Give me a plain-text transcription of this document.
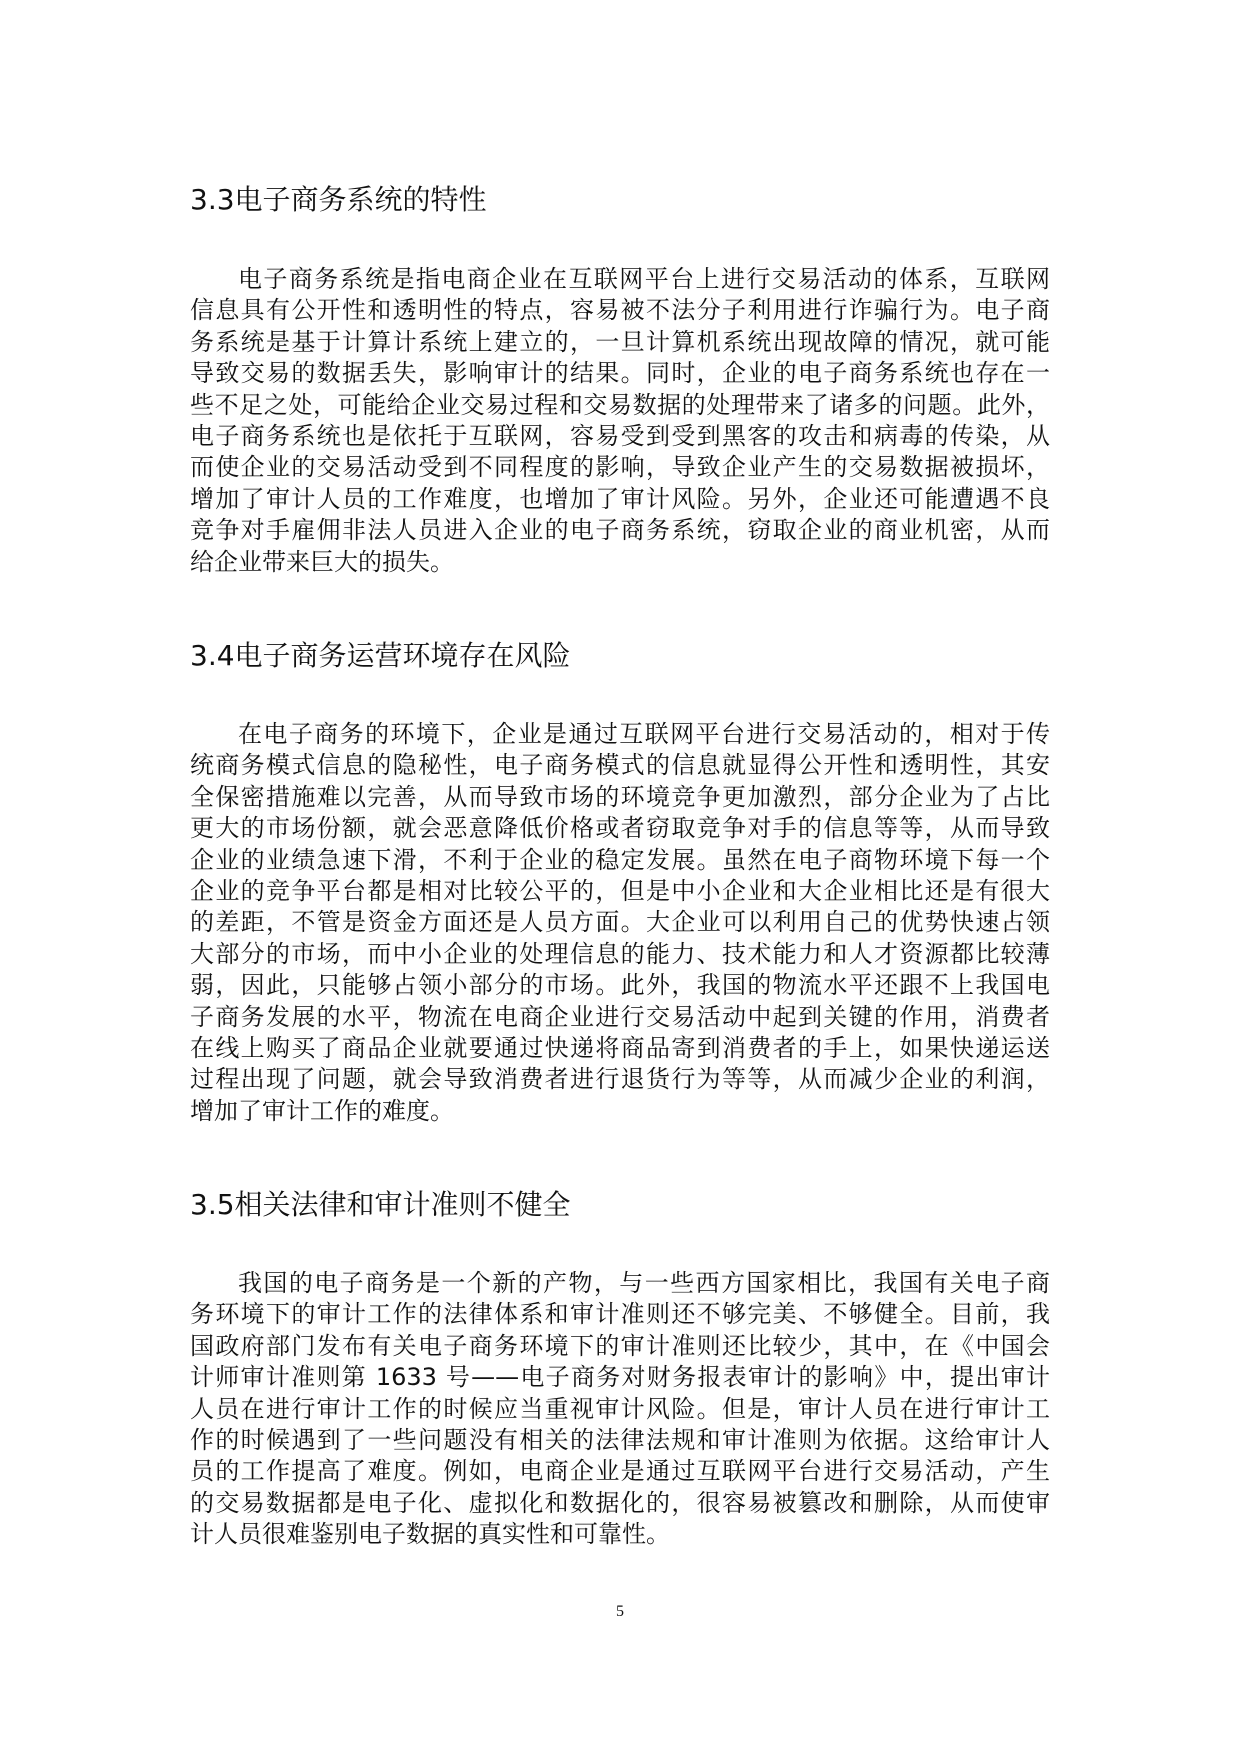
3.3电子商务系统的特性
电子商务系统是指电商企业在互联网平台上进行交易活动的体系，互联网
信息具有公开性和透明性的特点，容易被不法分子利用进行诈骗行为。电子商
务系统是基于计算计系统上建立的，一旦计算机系统出现故障的情况，就可能
导致交易的数据丢失，影响审计的结果。同时，企业的电子商务系统也存在一
些不足之处，可能给企业交易过程和交易数据的处理带来了诸多的问题。此外，
电子商务系统也是依托于互联网，容易受到受到黑客的攻击和病毒的传染，从
而使企业的交易活动受到不同程度的影响，导致企业产生的交易数据被损坏，
增加了审计人员的工作难度，也增加了审计风险。另外，企业还可能遭遇不良
竞争对手雇佣非法人员进入企业的电子商务系统，窃取企业的商业机密，从而
给企业带来巨大的损失。
3.4电子商务运营环境存在风险
在电子商务的环境下，企业是通过互联网平台进行交易活动的，相对于传
统商务模式信息的隐秘性，电子商务模式的信息就显得公开性和透明性，其安
全保密措施难以完善，从而导致市场的环境竞争更加激烈，部分企业为了占比
更大的市场份额，就会恶意降低价格或者窃取竞争对手的信息等等，从而导致
企业的业绩急速下滑，不利于企业的稳定发展。虽然在电子商物环境下每一个
企业的竞争平台都是相对比较公平的，但是中小企业和大企业相比还是有很大
的差距，不管是资金方面还是人员方面。大企业可以利用自己的优势快速占领
大部分的市场，而中小企业的处理信息的能力、技术能力和人才资源都比较薄
弱，因此，只能够占领小部分的市场。此外，我国的物流水平还跟不上我国电
子商务发展的水平，物流在电商企业进行交易活动中起到关键的作用，消费者
在线上购买了商品企业就要通过快递将商品寄到消费者的手上，如果快递运送
过程出现了问题，就会导致消费者进行退货行为等等，从而减少企业的利润，
增加了审计工作的难度。
3.5相关法律和审计准则不健全
我国的电子商务是一个新的产物，与一些西方国家相比，我国有关电子商
务环境下的审计工作的法律体系和审计准则还不够完美、不够健全。目前，我
国政府部门发布有关电子商务环境下的审计准则还比较少，其中，在《中国会
计师审计准则第 1633 号——电子商务对财务报表审计的影响》中，提出审计
人员在进行审计工作的时候应当重视审计风险。但是，审计人员在进行审计工
作的时候遇到了一些问题没有相关的法律法规和审计准则为依据。这给审计人
员的工作提高了难度。例如，电商企业是通过互联网平台进行交易活动，产生
的交易数据都是电子化、虚拟化和数据化的，很容易被篡改和删除，从而使审
计人员很难鉴别电子数据的真实性和可靠性。
5
